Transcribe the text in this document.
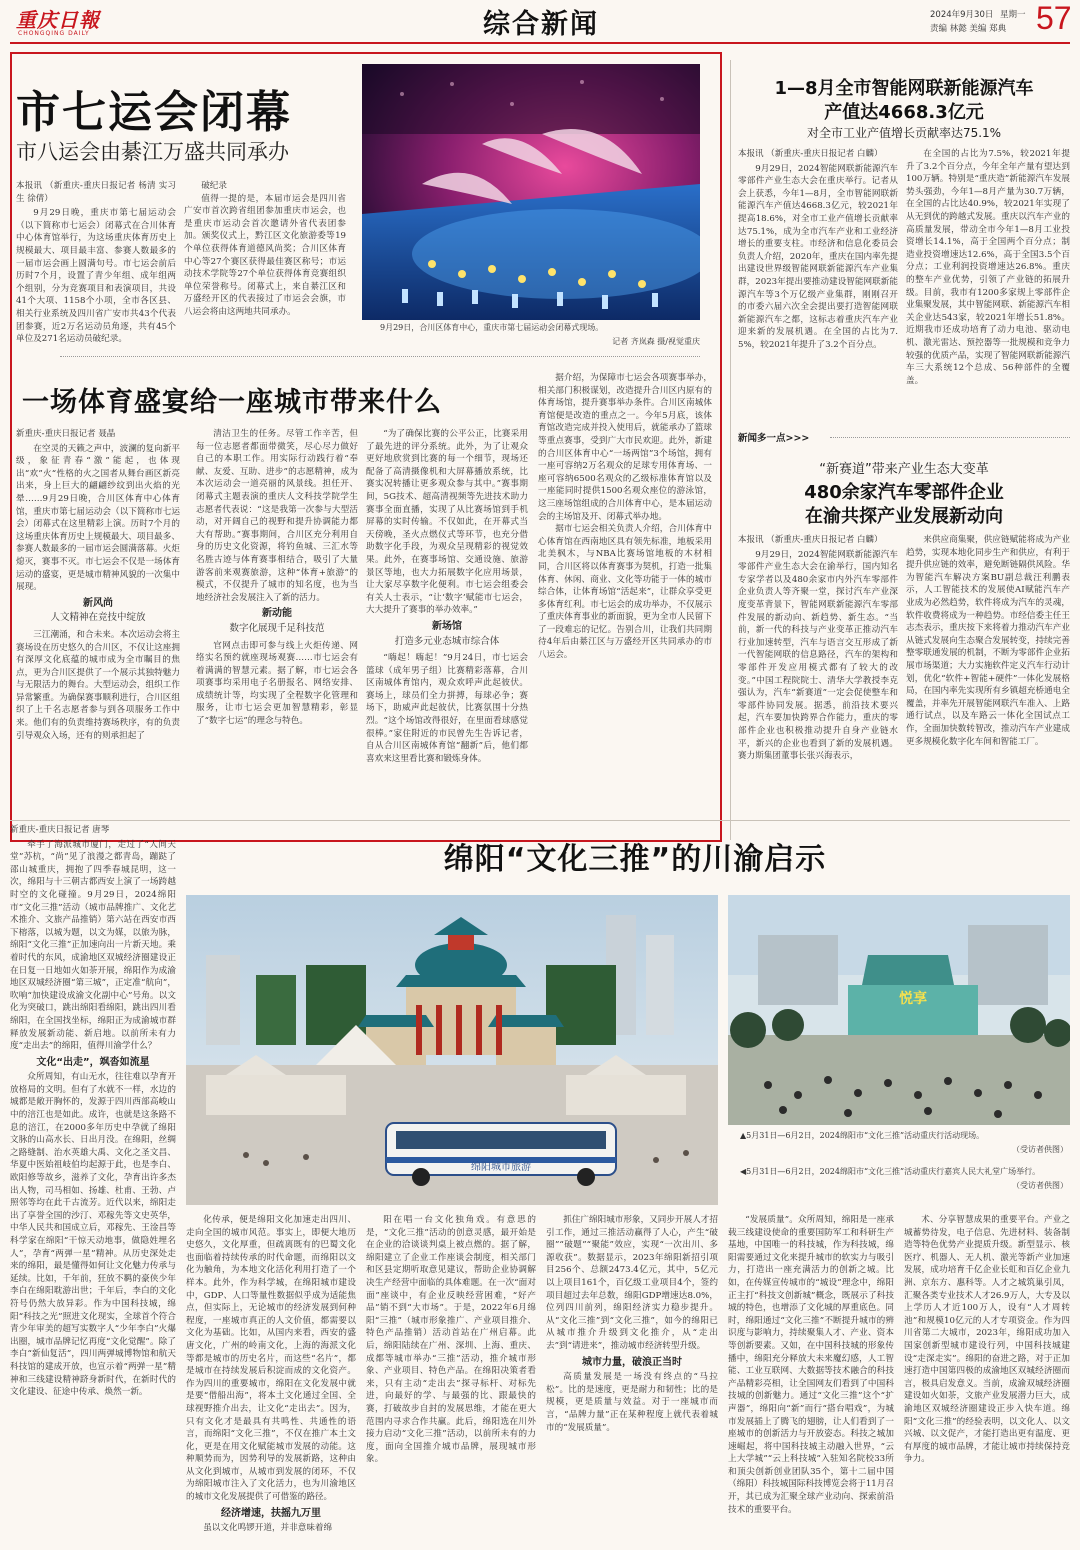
重庆日報
CHONGQING DAILY	综合新闻	2024年9月30日 星期一
责编 林懿 美编 郑典 57
市七运会闭幕
市八运会由綦江万盛共同承办
本报讯 （新重庆-重庆日报记者 杨清 实习生 徐倩）

9月29日晚，重庆市第七届运动会（以下简称市七运会）闭幕式在合川体育中心体育馆举行，为这场重庆体育历史上规模最大、项目最丰富、参赛人数最多的一届市运会画上圆满句号。市七运会前后历时7个月，设置了青少年组、成年组两个组别，分为竞赛项目和表演项目，共设41个大项、1158个小项，全市各区县、相关行业系统及四川省广安市共43个代表团参赛，近2万名运动员角逐，共有45个单位及271名运动员破纪录。

破纪录

值得一提的是，本届市运会是四川省广安市首次跨省组团参加重庆市运会，也是重庆市运动会首次邀请外省代表团参加。颁奖仪式上，黔江区文化旅游委等19个单位获得体育道德风尚奖；合川区体育中心等27个赛区获得最佳赛区称号；市运动技术学院等27个单位获得体育竞赛组织单位荣誉称号。闭幕式上，来自綦江区和万盛经开区的代表接过了市运会会旗，市八运会将由这两地共同承办。

9月29日，合川区体育中心，重庆市第七届运动会闭幕式现场。
记者 齐岚森 摄/视觉重庆
一场体育盛宴给一座城市带来什么
新重庆-重庆日报记者 聂晶

在空灵的天籁之声中，波澜的复向新平级，象征青春“激”能起，也体现出“欢”火“性格的火之国者从舞台画区新亮出来，身上巨大的翩翩纱纹到出火焰的光晕……9月29日晚，合川区体育中心体育馆，重庆市第七届运动会（以下简称市七运会）闭幕式在这里精彩上演。历时7个月的这场重庆体育历史上规模最大、项目最多、参赛人数最多的一届市运会圆满落幕。火炬熄灭，赛事不灭。市七运会不仅是一场体育运动的盛宴，更是城市精神风貌的一次集中展现。

新风尚
人文精神在竞技中绽放

三江潮涌，和合未来。本次运动会将主赛场设在历史悠久的合川区，不仅让这座拥有深厚文化底蕴的城市成为全市瞩目的焦点，更为合川区提供了一个展示其独特魅力与无限活力的舞台。大型运动会，组织工作异常繁重。为确保赛事顺利进行，合川区组织了上千名志愿者参与到各项服务工作中来。他们有的负责维持赛场秩序，有的负责引导观众入场，还有的则承担起了

清洁卫生的任务。尽管工作辛苦，但每一位志愿者都面带微笑，尽心尽力做好自己的本职工作。用实际行动践行着“奉献、友爱、互助、进步”的志愿精神，成为本次运动会一道亮丽的风景线。担任开、闭幕式主题表演的重庆人文科技学院学生志愿者代表说：“这是我第一次参与大型活动，对开阔自己的视野和提升协调能力都大有帮助。”赛事期间，合川区充分利用自身的历史文化资源，将钓鱼城、三汇水等名胜古迹与体育赛事相结合，吸引了大量游客前来观赛旅游，这种“体育+旅游”的模式，不仅提升了城市的知名度，也为当地经济社会发展注入了新的活力。

新动能
数字化展现千足科技范

官网点击即可参与线上火炬传递、网络实名预约就座现场观赛……市七运会有着满满的智慧元素。据了解，市七运会各项赛事均采用电子名册报名、网络安排、成绩统计等，均实现了全程数字化管理和服务，让市七运会更加智慧精彩，彰显了“数字七运”的理念与特色。

“为了确保比赛的公平公正，比赛采用了最先进的评分系统。此外，为了让观众更好地欣赏到比赛的每一个细节，现场还配备了高清摄像机和大屏幕播放系统，比赛实况转播让更多观众参与其中。”赛事期间，5G技术、超高清视频等先进技术助力赛事全面直播，实现了从比赛场馆到手机屏幕的实时传输。不仅如此，在开幕式当天傍晚，圣火点燃仪式等环节，也充分借助数字化手段，为观众呈现精彩的视觉效果。此外，在赛事场馆、交通设施、旅游景区等地，也大力拓展数字化应用场景，让大家尽享数字化便利。市七运会组委会有关人士表示，“让‘数字’赋能市七运会，大大提升了赛事的举办效率。”

新场馆
打造多元业态城市综合体

“嗨起！嗨起！”9月24日，市七运会篮球（成年男子组）比赛精彩落幕，合川区南城体育馆内，观众欢呼声此起彼伏。赛场上，球员们全力拼搏，每球必争；赛场下，助威声此起彼伏，比赛氛围十分热烈。“这个场馆改得很好，在里面看球感觉很棒。”家住附近的市民曾先生告诉记者，自从合川区南城体育馆“翻新”后，他们都喜欢来这里看比赛和锻炼身体。

据介绍，为保障市七运会各项赛事举办，相关部门积极谋划，改造提升合川区内原有的体育场馆，提升赛事举办条件。合川区南城体育馆便是改造的重点之一。今年5月底，该体育馆改造完成并投入使用后，就能承办了篮球等重点赛事，受到广大市民欢迎。此外，新建的合川区体育中心“一场两馆”3个场馆，拥有一座可容纳2万名观众的足球专用体育场、一座可容纳6500名观众的乙级标准体育馆以及一座能同时提供1500名观众座位的游泳馆，这三座场馆组成的合川体育中心，是本届运动会的主场馆及开、闭幕式举办地。

据市七运会相关负责人介绍，合川体育中心体育馆在西南地区具有领先标准，地板采用北美枫木，与NBA比赛场馆地板的木材相同，合川区将以体育赛事为契机，打造一批集体育、休闲、商业、文化等功能于一体的城市综合体，让体育场馆“活起来”，让群众享受更多体育红利。市七运会的成功举办，不仅展示了重庆体育事业的新面貌，更为全市人民留下了一段难忘的记忆。告别合川，让我们共同期待4年后由綦江区与万盛经开区共同承办的市八运会。

1—8月全市智能网联新能源汽车
产值达4668.3亿元
对全市工业产值增长贡献率达75.1%
本报讯 （新重庆-重庆日报记者 白麟）

9月29日，2024智能网联新能源汽车零部件产业生态大会在重庆举行。记者从会上获悉，今年1—8月，全市智能网联新能源汽车产值达4668.3亿元，较2021年提高18.6%，对全市工业产值增长贡献率达75.1%，成为全市汽车产业和工业经济增长的重要支柱。市经济和信息化委员会负责人介绍，2020年，重庆在国内率先提出建设世界级智能网联新能源汽车产业集群，2023年提出要推动建设智能网联新能源汽车等3个万亿级产业集群，刚刚召开的市委六届六次全会提出要打造智能网联新能源汽车之都，这标志着重庆汽车产业迎来新的发展机遇。在全国的占比为7.5%，较2021年提升了3.2个百分点。

在全国的占比为7.5%，较2021年提升了3.2个百分点，今年全年产量有望达到100万辆。特别是“重庆造”新能源汽车发展势头强劲，今年1—8月产量为30.7万辆，在全国的占比达40.9%，较2021年实现了从无到优的跨越式发展。重庆以汽车产业的高质量发展，带动全市今年1—8月工业投资增长14.1%，高于全国两个百分点；制造业投资增速达12.6%，高于全国3.5个百分点；工业利润投资增速达26.8%。重庆的整车产业优势，引领了产业链的拓展升级。目前，我市有1200多家规上零部件企业集聚发展，其中智能网联、新能源汽车相关企业达543家，较2021年增长51.8%。近期我市还成功培育了动力电池、驱动电机、激光雷达、预控器等一批规模和竞争力较强的优质产品，实现了智能网联新能源汽车三大系统12个总成、56种部件的全覆盖。

新闻多一点>>>
“新赛道”带来产业生态大变革
480余家汽车零部件企业
在渝共探产业发展新动向
本报讯 （新重庆-重庆日报记者 白麟）

9月29日，2024智能网联新能源汽车零部件产业生态大会在渝举行，国内知名专家学者以及480余家市内外汽车零部件企业负责人等齐聚一堂，探讨汽车产业深度变革背景下，智能网联新能源汽车零部件发展的新动向、新趋势、新生态。“当前，新一代的科技与产业变革正推动汽车行业加速转型，汽车与语言交互形成了新一代智能网联的信息路径，汽车的架构和零部件开发应用模式都有了较大的改变。”中国工程院院士、清华大学教授李克强认为，汽车“新赛道”一定会促使整车和零部件协同发展。据悉，前沿技术要兴起，汽车要加快跨界合作能力，重庆的零部件企业也积极推动提升自身产业链水平，新兴的企业也看到了新的发展机遇。赛力斯集团董事长张兴海表示，

来供应商集聚，供应链赋能将成为产业趋势，实现本地化同步生产和供应，有利于提升供应链的效率，避免断链隔供风险。华为智能汽车解决方案BU副总裁汪利鹏表示，人工智能技术的发展使AI赋能汽车产业成为必然趋势，软件将成为汽车的灵魂，软件收费将成为一种趋势。市经信委主任王志杰表示，重庆按下来将着力推动汽车产业从链式发展向生态聚合发展转变，持续完善整零联通发展的机制，不断为零部件企业拓展市场渠道；大力实施软件定义汽车行动计划，优化“软件+智能+硬件”一体化发展格局，在国内率先实现所有乡镇超充桥通电全覆盖，并率先开展智能网联汽车准入、上路通行试点，以及车路云一体化全国试点工作，全面加快数转智改，推动汽车产业建成更多规模化数字化车间和智能工厂。

绵阳“文化三推”的川渝启示
新重庆-重庆日报记者 唐琴

牵手了海派城市厦门，走过了“人间天堂”苏杭，“尚”见了浪漫之都青岛，蹦跶了邵山城重庆，拥抱了四季春城昆明，这一次，绵阳与十三朝古都西安上演了一场跨越时空的文化碰撞。9月29日，2024绵阳市“文化三推”活动（城市品牌推广、文化艺术推介、文旅产品推销）第六站在西安市西下榕落，以城为题，以文为媒，以旅为脉，绵阳“文化三推”正加速向出一片新天地。乘着时代的东风，成渝地区双城经济圈建设正在日复一日地如火如荼开展，绵阳作为成渝地区双城经济圈“第三城”，正定准“航向”，吹响“加快建设成渝文化副中心”号角。以文化为突破口，跳出绵阳看绵阳，跳出四川看绵阳，在全国找坐标，绵阳正为成渝城市群释放发展新动能、新启地。以前所未有力度“走出去”的绵阳，值得川渝学什么？

文化“出走”，飒沓如流星

众所周知，有山无水，往往难以孕育开放格局的文明。但有了水就不一样，水边的城都是敞开胸怀的，发源于四川西部高峻山中的涪江也是如此。成许，也就是这条路不息的涪江，在2000多年历史中孕就了绵阳文脉的山高水长、日出月没。在绵阳，丝绸之路缝制、治水英雄大禹、文化之圣文昌、华夏中医始祖岐伯均起源于此，也是李白、欧阳修等故乡，滋养了文化，孕育出许多杰出人物，司马相如、扬雄、杜甫、王勃、卢照邻等均在此千古流芳。近代以来，绵阳走出了享誉全国的沙汀、邓稼先等文史英华，中华人民共和国成立后，邓稼先、王淦昌等科学家在绵阳“干惊天动地事，做隐姓埋名人”，孕育“两弹一星”精神。从历史深处走来的绵阳，最是懂得如何让文化魅力传承与延续。比如，千年前，狂放不羁的豪侠少年李白在绵阳耽游出世；千年后，李白的文化符号仍然大放异彩。作为中国科技城，绵阳“科技之光”照进文化现实，全球首个符合青少年审美的超写实数字人“少年李白”火爆出圈，城市品牌记忆再度“文化觉醒”。除了李白“新仙复活”，四川两弹城博物馆和航天科技馆的建成开放，也宣示着“两弹一星”精神和三线建设精神跻身新时代，在新时代的文化建设、征途中传承、焕然一新。

绵阳城市旅游
悦享
▲5月31日—6月2日，2024绵阳市“文化三推”活动重庆行活动现场。
（受访者供图）
◀5月31日—6月2日，2024绵阳市“文化三推”活动重庆行嘉宾人民大礼堂广场举行。
（受访者供图）

化传承，便是绵阳文化加速走出四川、走向全国的城市风范。事实上，即便大地历史悠久，文化厚重，但疏离既有的巴蜀文化也面临着持续传承的时代命题，而绵阳以文化为触角，为本地文化活化利用打造了一个样本。此外，作为科学城，在绵阳城市建设中，GDP、人口等量性数据似乎成为适能焦点，但实际上，无论城市的经济发展到何种程度，一座城市真正的人文价值，都需要以文化为基础。比如，从国内来看，西安的盛唐文化，广州的岭南文化，上海的海派文化等都是城市的历史名片，而这些“名片”，都是城市在持续发展后积淀而成的文化资产。作为四川的重要城市，绵阳在文化发展中就是要“借船出海”，将本土文化通过全国、全球视野推介出去，让文化“走出去”。因为，只有文化才是最具有共鸣性、共通性的语言，而绵阳“文化三推”，不仅在推广本土文化，更是在用文化赋能城市发展的动能。这种顺势而为，因势利导的发展新路，这种由从文化到城市，从城市到发展的闭环，不仅为绵阳城市注入了文化活力，也为川渝地区的城市文化发展提供了可借鉴的路径。

经济增速，扶摇九万里

虽以文化鸣锣开道，并非意味着绵

阳在唱一台文化独角戏。有意思的是，“文化三推”活动的创意灵感，最开始是在企业的洽谈谈判桌上被点燃的。据了解，绵阳建立了企业工作座谈会制度，相关部门和区县定期听取意见建议，帮助企业协调解决生产经营中面临的具体难题。在一次“面对面”座谈中，有企业反映经营困难，“好产品”销不到“大市场”。于是，2022年6月绵阳“三推”（城市形象推广、产业项目推介、特色产品推销）活动首站在广州启幕。此后，绵阳陆续在广州、深圳、上海、重庆、成都等城市举办“三推”活动，推介城市形象、产业项目、特色产品。在绵阳决策者看来，只有主动“走出去”探寻标杆、对标先进，向最好的学、与最强的比、跟最快的赛，打破故步自封的发展思维，才能在更大范围内寻求合作共赢。此后，绵阳选在川外接力启动“文化三推”活动，以前所未有的力度，面向全国推介城市品牌，展现城市形象。

抓住广绵阳城市形象，又同步开展人才招引工作，通过三推活动赢得了人心，产生“破圈”“破题”“聚能”效应，实现“一次出川、多源收获”。数据显示，2023年绵阳新招引项目256个、总额2473.4亿元，其中，5亿元以上项目161个，百亿级工业项目4个，签约项目超过去年总数，绵阳GDP增速达8.0%，位列四川前列，绵阳经济实力稳步提升。从“文化三推”到“文化三推”，如今的绵阳已从城市推介升级到文化推介，从“走出去”到“请进来”，推动城市经济转型升级。

城市力量，破浪正当时

高质量发展是一场没有终点的“马拉松”。比的是速度，更是耐力和韧性；比的是规模，更是质量与效益。对于一座城市而言，“品牌力量”正在某种程度上就代表着城市的“发展质量”。

“发展质量”。众所周知，绵阳是一座承载三线建设使命的重要国防军工和科研生产基地，中国唯一的科技城，作为科技城，绵阳需要通过文化来提升城市的软实力与吸引力，打造出一座充满活力的创新之城。比如，在传媒宣传城市的“城设”理念中，绵阳正主打“科技文创新城”概念，既展示了科技城的特色，也增添了文化城的厚重底色。同时，绵阳通过“文化三推”不断提升城市的辨识度与影响力，持续聚集人才、产业、资本等创新要素。又如，在中国科技城的形象传播中，绵阳充分释放大未来魔幻感，人工智能、工业互联网、大数据等技术融合的科技产品精彩亮相，让全国网友们看到了中国科技城的创新魅力。通过“文化三推”这个“扩声器”，绵阳向“新”而行“搭台唱戏”，为城市发展插上了腾飞的翅膀，让人们看到了一座城市的创新活力与开放姿态。科技之城加速崛起，将中国科技城主动融入世界，“云上大学城”“云上科技城”入驻知名院校33所和顶尖创新创业团队35个，第十二届中国（绵阳）科技城国际科技博览会将于11月召开，其已成为汇聚全球产业动向、探索前沿技术的重要平台。

术、分享智慧成果的重要平台。产业之城蓄势待发，电子信息、先进材料、装备制造等特色优势产业提质升级。新型显示、核医疗、机器人、无人机、激光等新产业加速发展，成功培育千亿企业长虹和百亿企业九洲、京东方、惠科等。人才之城筑巢引凤，汇聚各类专业技术人才26.9万人，大专及以上学历人才近100万人，设有“人才周转池”和规模10亿元的人才专项资金。作为四川省第二大城市，2023年，绵阳成功加入国家创新型城市建设行列，中国科技城建设“走深走实”。绵阳的奋进之路，对于正加速打造中国第四极的成渝地区双城经济圈而言，极具启发意义。当前，成渝双城经济圈建设如火如荼，文旅产业发展潜力巨大，成渝地区双城经济圈建设正步入快车道。绵阳“文化三推”的经验表明，以文化人、以文兴城、以文促产，才能打造出更有温度、更有厚度的城市品牌，才能让城市持续保持竞争力。
